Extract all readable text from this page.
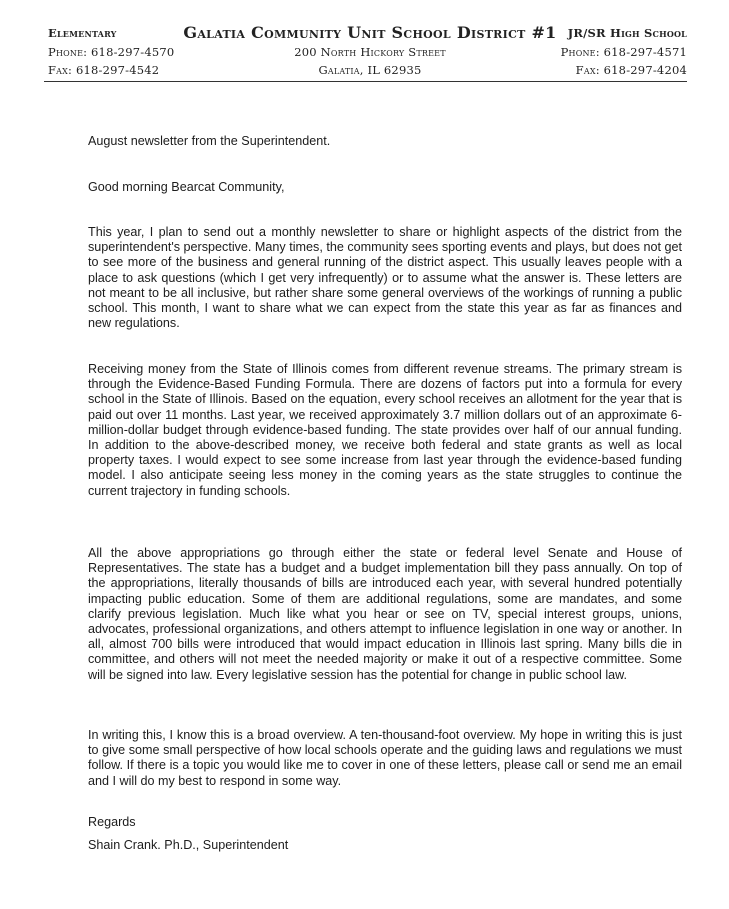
Elementary
Phone: 618-297-4570
Fax: 618-297-4542
Galatia Community Unit School District #1
200 North Hickory Street
Galatia, IL 62935
JR/SR High School
Phone: 618-297-4571
Fax: 618-297-4204

August newsletter from the Superintendent.

Good morning Bearcat Community,

This year, I plan to send out a monthly newsletter to share or highlight aspects of the district from the superintendent's perspective. Many times, the community sees sporting events and plays, but does not get to see more of the business and general running of the district aspect. This usually leaves people with a place to ask questions (which I get very infrequently) or to assume what the answer is. These letters are not meant to be all inclusive, but rather share some general overviews of the workings of running a public school. This month, I want to share what we can expect from the state this year as far as finances and new regulations.

Receiving money from the State of Illinois comes from different revenue streams. The primary stream is through the Evidence-Based Funding Formula. There are dozens of factors put into a formula for every school in the State of Illinois. Based on the equation, every school receives an allotment for the year that is paid out over 11 months. Last year, we received approximately 3.7 million dollars out of an approximate 6-million-dollar budget through evidence-based funding. The state provides over half of our annual funding. In addition to the above-described money, we receive both federal and state grants as well as local property taxes. I would expect to see some increase from last year through the evidence-based funding model. I also anticipate seeing less money in the coming years as the state struggles to continue the current trajectory in funding schools.

All the above appropriations go through either the state or federal level Senate and House of Representatives. The state has a budget and a budget implementation bill they pass annually. On top of the appropriations, literally thousands of bills are introduced each year, with several hundred potentially impacting public education. Some of them are additional regulations, some are mandates, and some clarify previous legislation. Much like what you hear or see on TV, special interest groups, unions, advocates, professional organizations, and others attempt to influence legislation in one way or another. In all, almost 700 bills were introduced that would impact education in Illinois last spring. Many bills die in committee, and others will not meet the needed majority or make it out of a respective committee. Some will be signed into law. Every legislative session has the potential for change in public school law.

In writing this, I know this is a broad overview. A ten-thousand-foot overview. My hope in writing this is just to give some small perspective of how local schools operate and the guiding laws and regulations we must follow. If there is a topic you would like me to cover in one of these letters, please call or send me an email and I will do my best to respond in some way.

Regards

Shain Crank. Ph.D., Superintendent
